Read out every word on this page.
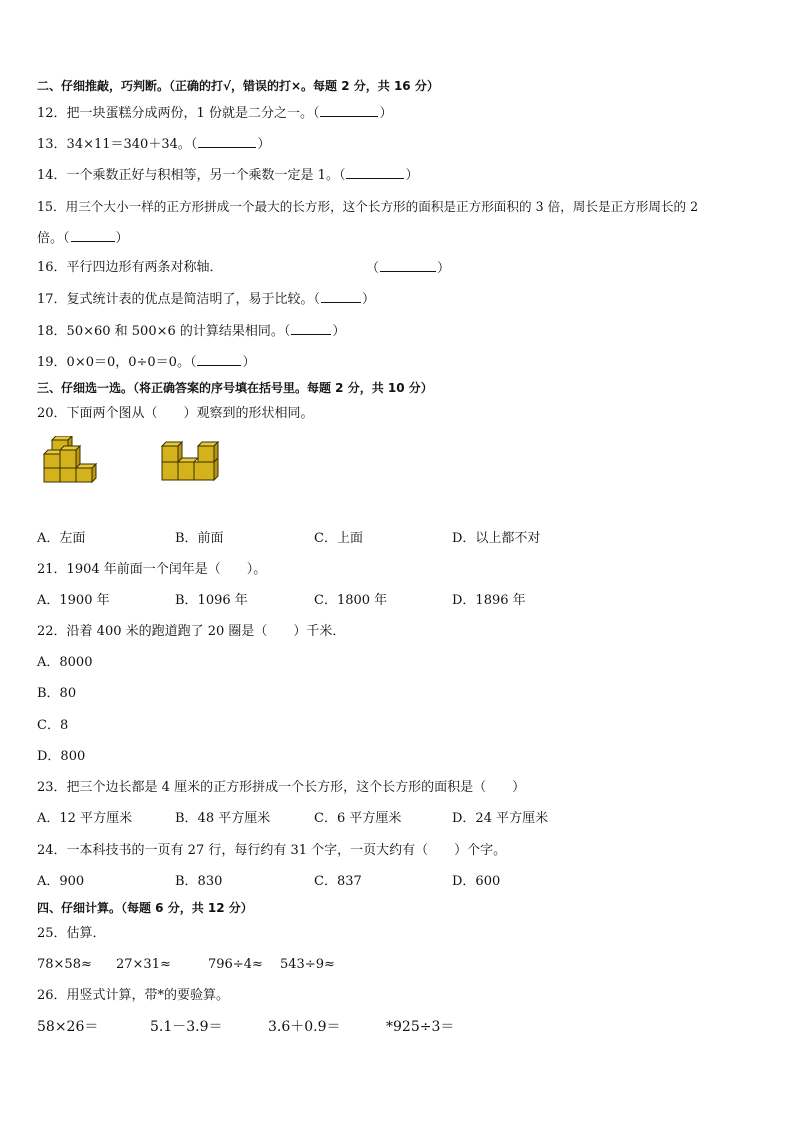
二、仔细推敲，巧判断。（正确的打√，错误的打×。每题 2 分，共 16 分）
12．把一块蛋糕分成两份，1 份就是二分之一。（	）
13．34×11＝340＋34。（	）
14．一个乘数正好与积相等，另一个乘数一定是 1。（	）
15．用三个大小一样的正方形拼成一个最大的长方形，这个长方形的面积是正方形面积的 3 倍，周长是正方形周长的 2
倍。（	）
16．平行四边形有两条对称轴．	（	）
17．复式统计表的优点是简洁明了，易于比较。（	）
18．50×60 和 500×6 的计算结果相同。（	）
19．0×0＝0，0÷0＝0。（	）
三、仔细选一选。（将正确答案的序号填在括号里。每题 2 分，共 10 分）
20．下面两个图从（　　）观察到的形状相同。
A．左面	B．前面	C．上面	D．以上都不对
21．1904 年前面一个闰年是（　　）。
A．1900 年	B．1096 年	C．1800 年	D．1896 年
22．沿着 400 米的跑道跑了 20 圈是（　　）千米．
A．8000
B．80
C．8
D．800
23．把三个边长都是 4 厘米的正方形拼成一个长方形，这个长方形的面积是（　　）
A．12 平方厘米	B．48 平方厘米	C．6 平方厘米	D．24 平方厘米
24．一本科技书的一页有 27 行，每行约有 31 个字，一页大约有（　　）个字。
A．900	B．830	C．837	D．600
四、仔细计算。（每题 6 分，共 12 分）
25．估算．
78×58≈ 27×31≈	796÷4≈ 543÷9≈
26．用竖式计算，带*的要验算。
58×26＝	5.1－3.9＝	3.6＋0.9＝	*925÷3＝
